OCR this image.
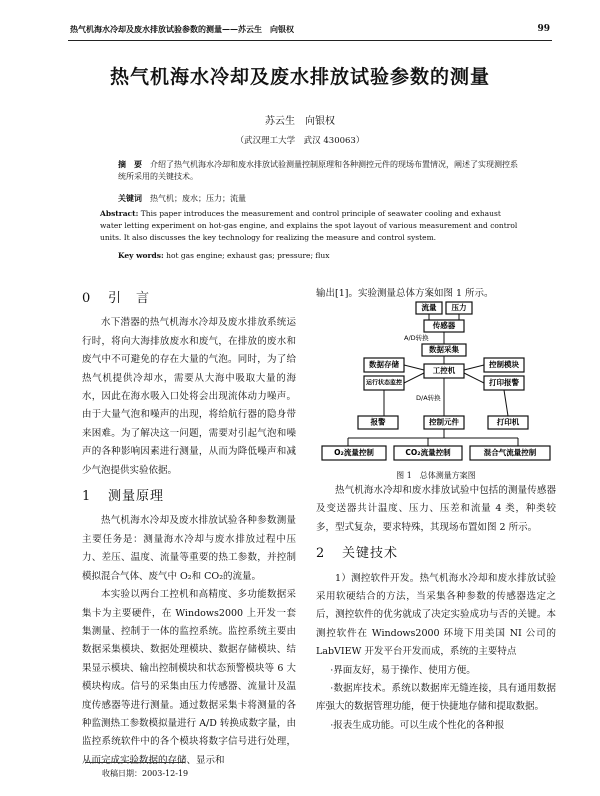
热气机海水冷却及废水排放试验参数的测量——苏云生　向银权	99
热气机海水冷却及废水排放试验参数的测量
苏云生　向银权
（武汉理工大学　武汉 430063）
摘　要　 介绍了热气机海水冷却和废水排放试验测量控制原理和各种测控元件的现场布置情况，阐述了实现测控系统所采用的关键技术。
关键词　 热气机；废水；压力；流量
Abstract: This paper introduces the measurement and control principle of seawater cooling and exhaust water letting experiment on hot-gas engine, and explains the spot layout of various measurement and control units. It also discusses the key technology for realizing the measure and control system.
Key words: hot gas engine; exhaust gas; pressure; flux
0 引　言

水下潜器的热气机海水冷却及废水排放系统运行时，将向大海排放废水和废气，在排放的废水和废气中不可避免的存在大量的气泡。同时，为了给热气机提供冷却水，需要从大海中吸取大量的海水，因此在海水吸入口处将会出现流体动力噪声。由于大量气泡和噪声的出现，将给航行器的隐身带来困难。为了解决这一问题，需要对引起气泡和噪声的各种影响因素进行测量，从而为降低噪声和减少气泡提供实验依据。

1 测量原理

热气机海水冷却及废水排放试验各种参数测量主要任务是：测量海水冷却与废水排放过程中压力、差压、温度、流量等重要的热工参数，并控制模拟混合气体、废气中 O₂和 CO₂的流量。

本实验以两台工控机和高精度、多功能数据采集卡为主要硬件，在 Windows2000 上开发一套集测量、控制于一体的监控系统。监控系统主要由数据采集模块、数据处理模块、数据存储模块、结果显示模块、输出控制模块和状态预警模块等 6 大模块构成。信号的采集由压力传感器、流量计及温度传感器等进行测量。通过数据采集卡将测量的各种监测热工参数模拟量进行 A/D 转换成数字量，由监控系统软件中的各个模块将数字信号进行处理，从而完成实验数据的存储、显示和

输出[1]。实验测量总体方案如图 1 所示。

流量 压力
传感器
A/D转换
数据采集
工控机
数据存储
运行状态监控
控制模块
打印报警
D/A转换
报警	控制元件	打印机
O₂流量控制	CO₂流量控制	混合气流量控制
图 1　总体测量方案图

热气机海水冷却和废水排放试验中包括的测量传感器及变送器共计温度、压力、压差和流量 4 类，种类较多，型式复杂，要求特殊，其现场布置如图 2 所示。

2 关键技术

1）测控软件开发。热气机海水冷却和废水排放试验采用软硬结合的方法，当采集各种参数的传感器选定之后，测控软件的优劣就成了决定实验成功与否的关键。本测控软件在 Windows2000 环境下用美国 NI 公司的 LabVIEW 开发平台开发而成，系统的主要特点

·界面友好，易于操作、使用方便。

·数据库技术。系统以数据库无缝连接，具有通用数据库强大的数据管理功能，便于快捷地存储和提取数据。

·报表生成功能。可以生成个性化的各种报

收稿日期：2003-12-19
